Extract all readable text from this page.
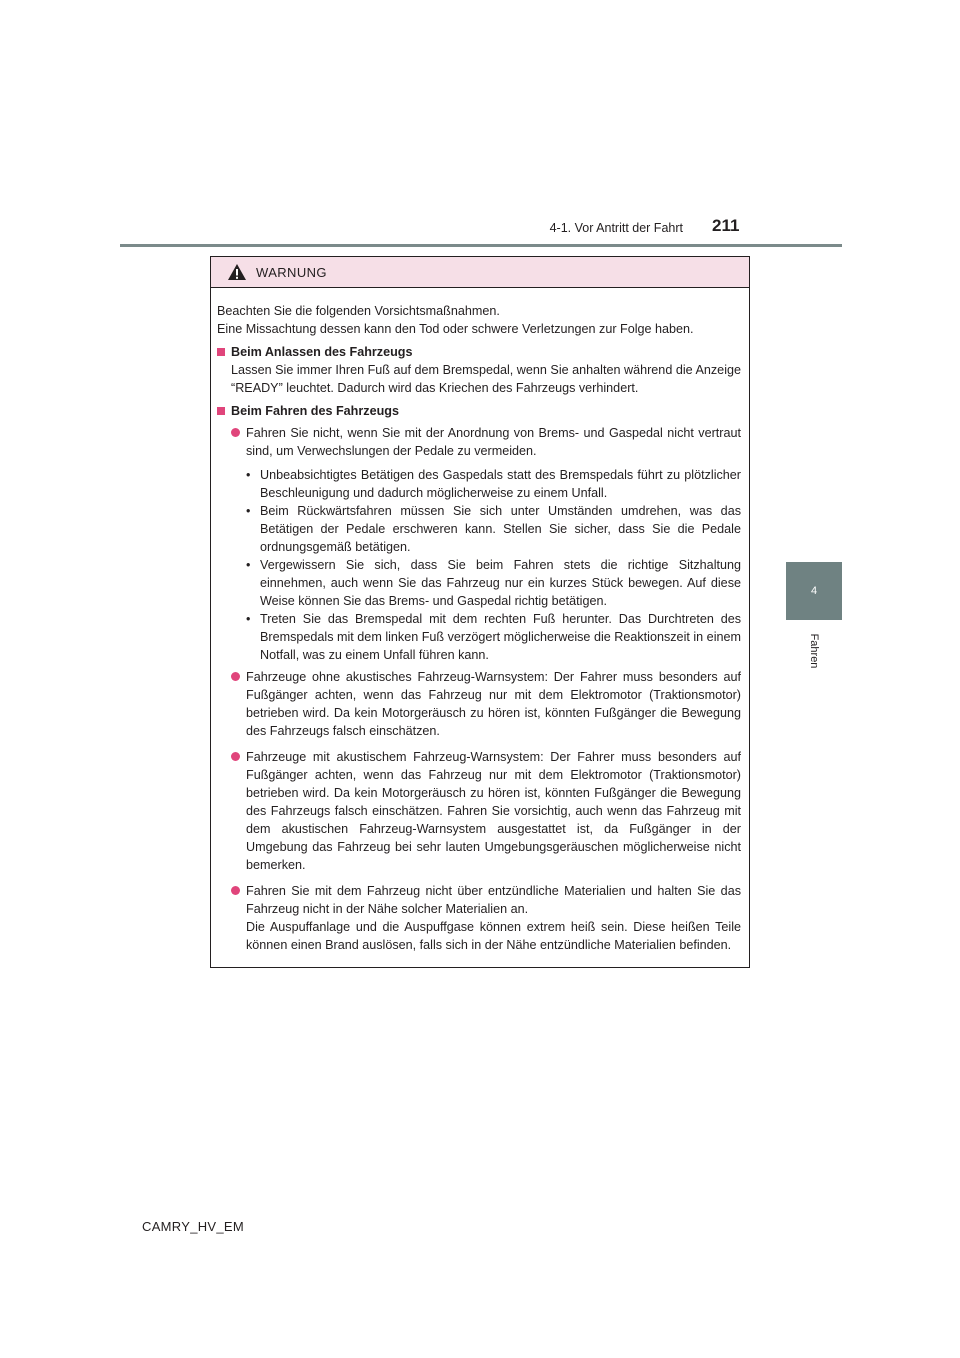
4-1. Vor Antritt der Fahrt 211
4
Fahren
WARNUNG

Beachten Sie die folgenden Vorsichtsmaßnahmen.

Eine Missachtung dessen kann den Tod oder schwere Verletzungen zur Folge haben.

Beim Anlassen des Fahrzeugs

Lassen Sie immer Ihren Fuß auf dem Bremspedal, wenn Sie anhalten während die Anzeige “READY” leuchtet. Dadurch wird das Kriechen des Fahrzeugs verhindert.

Beim Fahren des Fahrzeugs
Fahren Sie nicht, wenn Sie mit der Anordnung von Brems- und Gaspedal nicht vertraut sind, um Verwechslungen der Pedale zu vermeiden.
• Unbeabsichtigtes Betätigen des Gaspedals statt des Bremspedals führt zu plötzlicher Beschleunigung und dadurch möglicherweise zu einem Unfall.
• Beim Rückwärtsfahren müssen Sie sich unter Umständen umdrehen, was das Betätigen der Pedale erschweren kann. Stellen Sie sicher, dass Sie die Pedale ordnungsgemäß betätigen.
• Vergewissern Sie sich, dass Sie beim Fahren stets die richtige Sitzhaltung einnehmen, auch wenn Sie das Fahrzeug nur ein kurzes Stück bewegen. Auf diese Weise können Sie das Brems- und Gaspedal richtig betätigen.
• Treten Sie das Bremspedal mit dem rechten Fuß herunter. Das Durchtreten des Bremspedals mit dem linken Fuß verzögert möglicherweise die Reaktionszeit in einem Notfall, was zu einem Unfall führen kann.
Fahrzeuge ohne akustisches Fahrzeug-Warnsystem: Der Fahrer muss besonders auf Fußgänger achten, wenn das Fahrzeug nur mit dem Elektromotor (Traktionsmotor) betrieben wird. Da kein Motorgeräusch zu hören ist, könnten Fußgänger die Bewegung des Fahrzeugs falsch einschätzen.
Fahrzeuge mit akustischem Fahrzeug-Warnsystem: Der Fahrer muss besonders auf Fußgänger achten, wenn das Fahrzeug nur mit dem Elektromotor (Traktionsmotor) betrieben wird. Da kein Motorgeräusch zu hören ist, könnten Fußgänger die Bewegung des Fahrzeugs falsch einschätzen. Fahren Sie vorsichtig, auch wenn das Fahrzeug mit dem akustischen Fahrzeug-Warnsystem ausgestattet ist, da Fußgänger in der Umgebung das Fahrzeug bei sehr lauten Umgebungsgeräuschen möglicherweise nicht bemerken.
Fahren Sie mit dem Fahrzeug nicht über entzündliche Materialien und halten Sie das Fahrzeug nicht in der Nähe solcher Materialien an.
Die Auspuffanlage und die Auspuffgase können extrem heiß sein. Diese heißen Teile können einen Brand auslösen, falls sich in der Nähe entzündliche Materialien befinden.
CAMRY_HV_EM
